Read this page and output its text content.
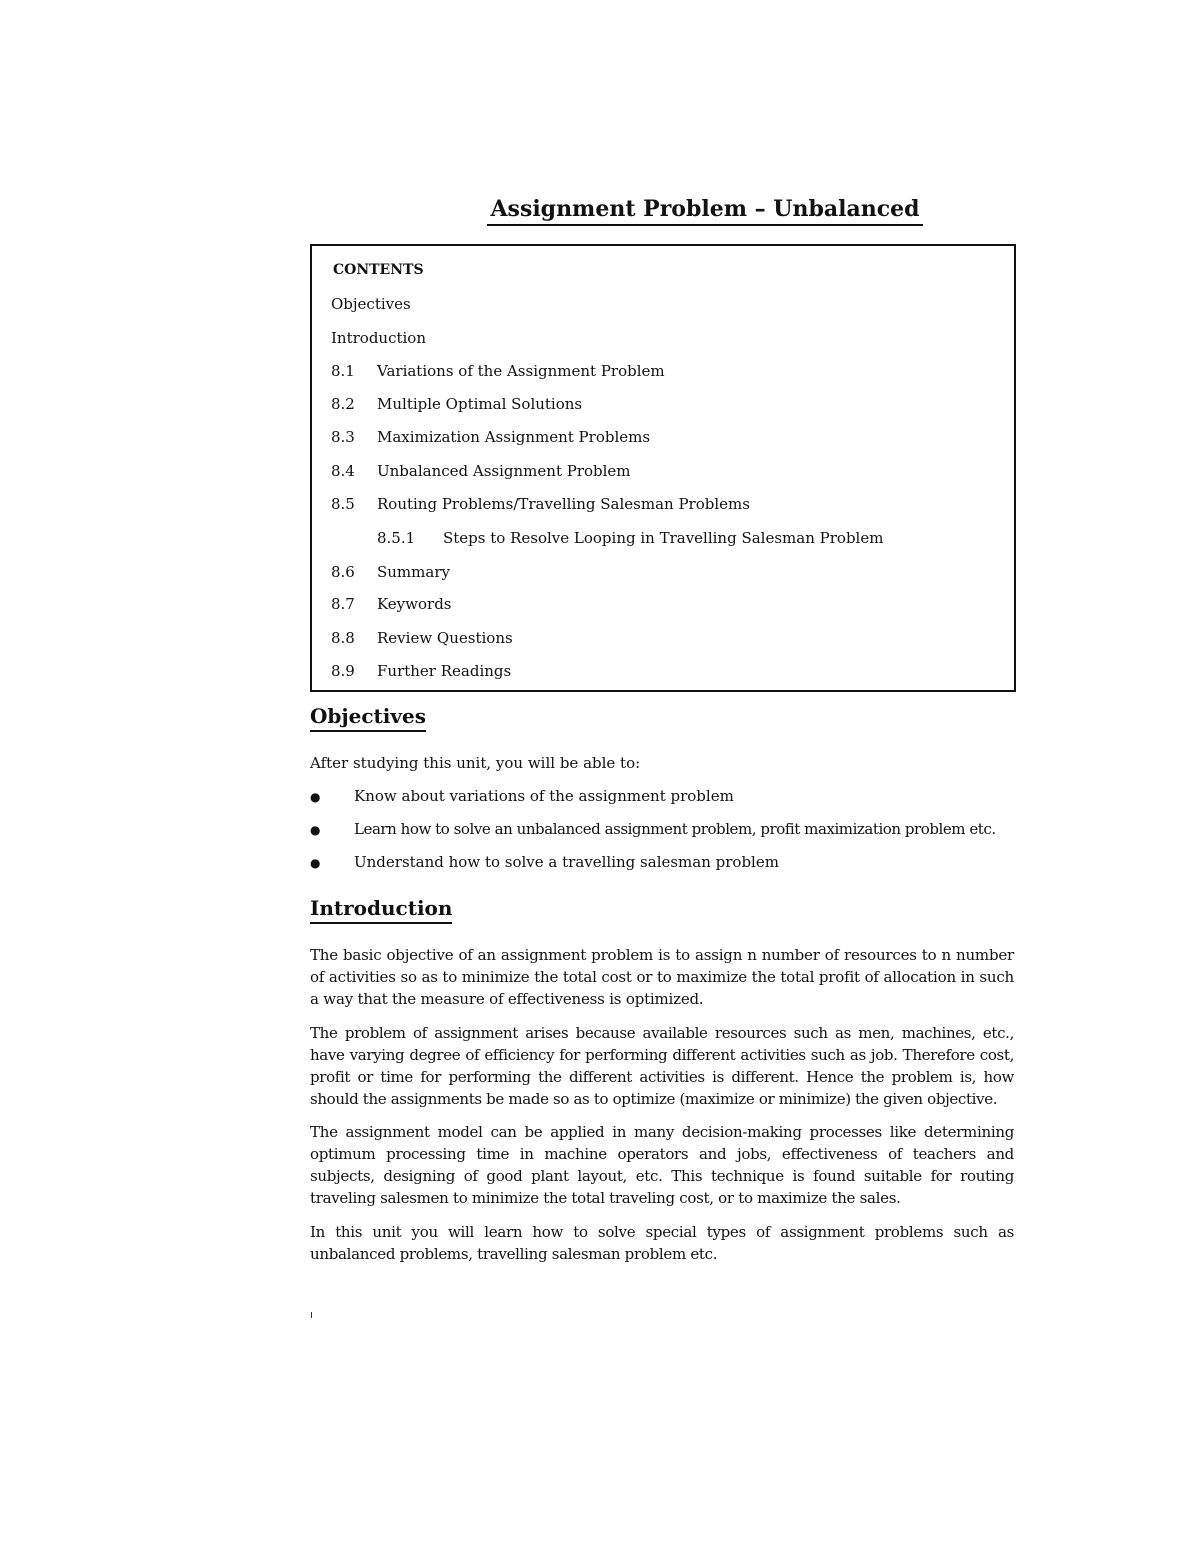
Assignment Problem – Unbalanced
CONTENTS
Objectives
Introduction
8.1 Variations of the Assignment Problem
8.2 Multiple Optimal Solutions
8.3 Maximization Assignment Problems
8.4 Unbalanced Assignment Problem
8.5 Routing Problems/Travelling Salesman Problems
8.5.1 Steps to Resolve Looping in Travelling Salesman Problem
8.6 Summary
8.7 Keywords
8.8 Review Questions
8.9 Further Readings
Objectives

After studying this unit, you will be able to:

● Know about variations of the assignment problem
● Learn how to solve an unbalanced assignment problem, profit maximization problem etc.
● Understand how to solve a travelling salesman problem
Introduction

The basic objective of an assignment problem is to assign n number of resources to n number of activities so as to minimize the total cost or to maximize the total profit of allocation in such a way that the measure of effectiveness is optimized.

The problem of assignment arises because available resources such as men, machines, etc., have varying degree of efficiency for performing different activities such as job. Therefore cost, profit or time for performing the different activities is different. Hence the problem is, how should the assignments be made so as to optimize (maximize or minimize) the given objective.

The assignment model can be applied in many decision-making processes like determining optimum processing time in machine operators and jobs, effectiveness of teachers and subjects, designing of good plant layout, etc. This technique is found suitable for routing traveling salesmen to minimize the total traveling cost, or to maximize the sales.

In this unit you will learn how to solve special types of assignment problems such as unbalanced problems, travelling salesman problem etc.
